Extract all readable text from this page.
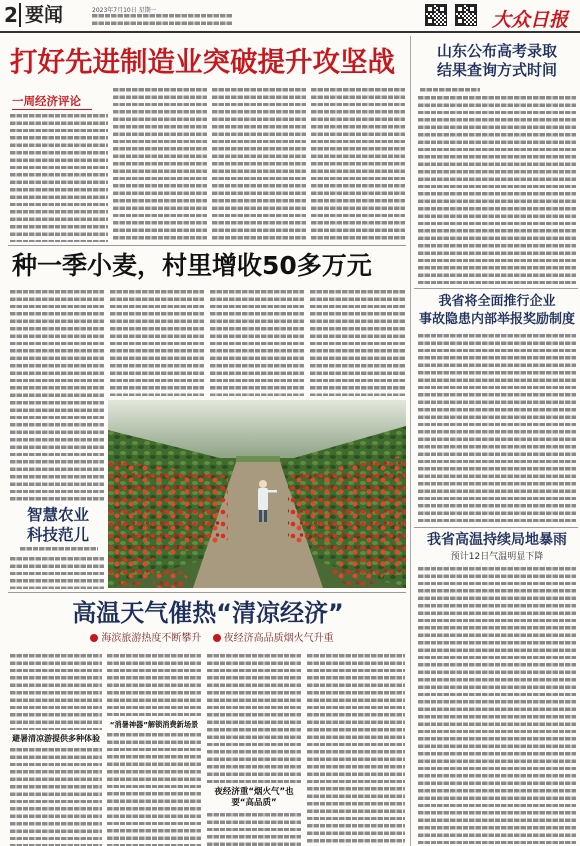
2 要闻	2023年7月10日 星期一	大众日报
打好先进制造业突破提升攻坚战
一周经济评论
种一季小麦，村里增收50多万元
智慧农业
科技范儿
高温天气催热“清凉经济”
海滨旅游热度不断攀升 夜经济高品质烟火气升重
避暑清凉游提供多种体验
“消暑神器”解锁消费新场景
夜经济重“烟火气”也要“高品质”
山东公布高考录取
结果查询方式时间
我省将全面推行企业
事故隐患内部举报奖励制度
我省高温持续局地暴雨
预计12日气温明显下降
